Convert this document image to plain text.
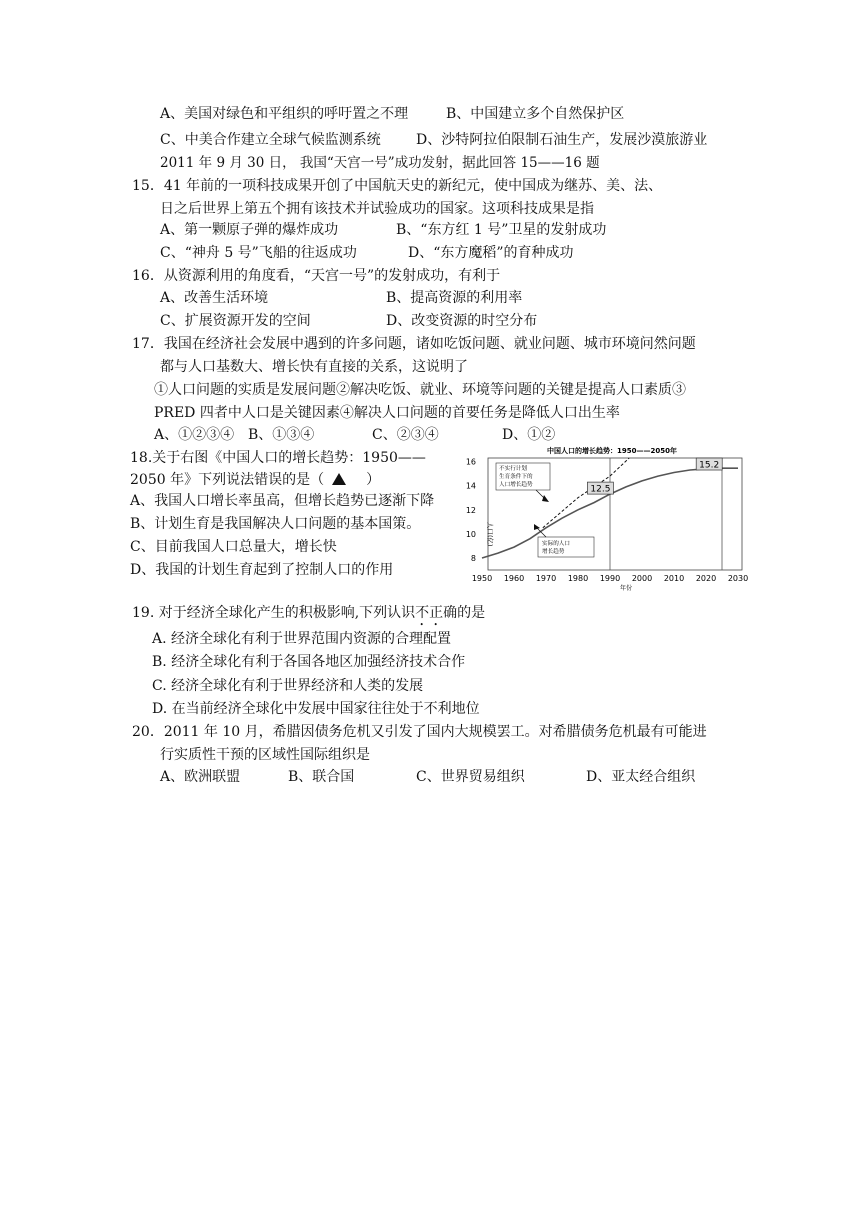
A、美国对绿色和平组织的呼吁置之不理	B、中国建立多个自然保护区
C、中美合作建立全球气候监测系统	D、沙特阿拉伯限制石油生产，发展沙漠旅游业
2011 年 9 月 30 日， 我国“天宫一号”成功发射，据此回答 15——16 题
15．41 年前的一项科技成果开创了中国航天史的新纪元，使中国成为继苏、美、法、
日之后世界上第五个拥有该技术并试验成功的国家。这项科技成果是指
A、第一颗原子弹的爆炸成功	B、“东方红 1 号”卫星的发射成功
C、“神舟 5 号”飞船的往返成功	D、“东方魔稻”的育种成功
16．从资源利用的角度看，“天宫一号”的发射成功，有利于
A、改善生活环境	B、提高资源的利用率
C、扩展资源开发的空间	D、改变资源的时空分布
17．我国在经济社会发展中遇到的许多问题，诸如吃饭问题、就业问题、城市环境问然问题
都与人口基数大、增长快有直接的关系，这说明了
①人口问题的实质是发展问题②解决吃饭、就业、环境等问题的关键是提高人口素质③
PRED 四者中人口是关键因素④解决人口问题的首要任务是降低人口出生率
A、①②③④ B、①③④	C、②③④	D、①②
18.关于右图《中国人口的增长趋势：1950——
2050 年》下列说法错误的是（	）
A、我国人口增长率虽高，但增长趋势已逐渐下降
B、计划生育是我国解决人口问题的基本国策。
C、目前我国人口总量大，增长快
D、我国的计划生育起到了控制人口的作用
中国人口的增长趋势：1950——2050年
8
10
12
14
16
1950 1960 1970 1980 1990 2000 2010 2020 2030
人口(亿)
年份
不实行计划
生育条件下的
人口增长趋势
实际的人口
增长趋势
12.5
15.2
19. 对于经济全球化产生的积极影响,下列认识不正确的是
A. 经济全球化有利于世界范围内资源的合理配置
B. 经济全球化有利于各国各地区加强经济技术合作
C. 经济全球化有利于世界经济和人类的发展
D. 在当前经济全球化中发展中国家往往处于不利地位
20．2011 年 10 月，希腊因债务危机又引发了国内大规模罢工。对希腊债务危机最有可能进
行实质性干预的区域性国际组织是
A、欧洲联盟	B、联合国	C、世界贸易组织	D、亚太经合组织
